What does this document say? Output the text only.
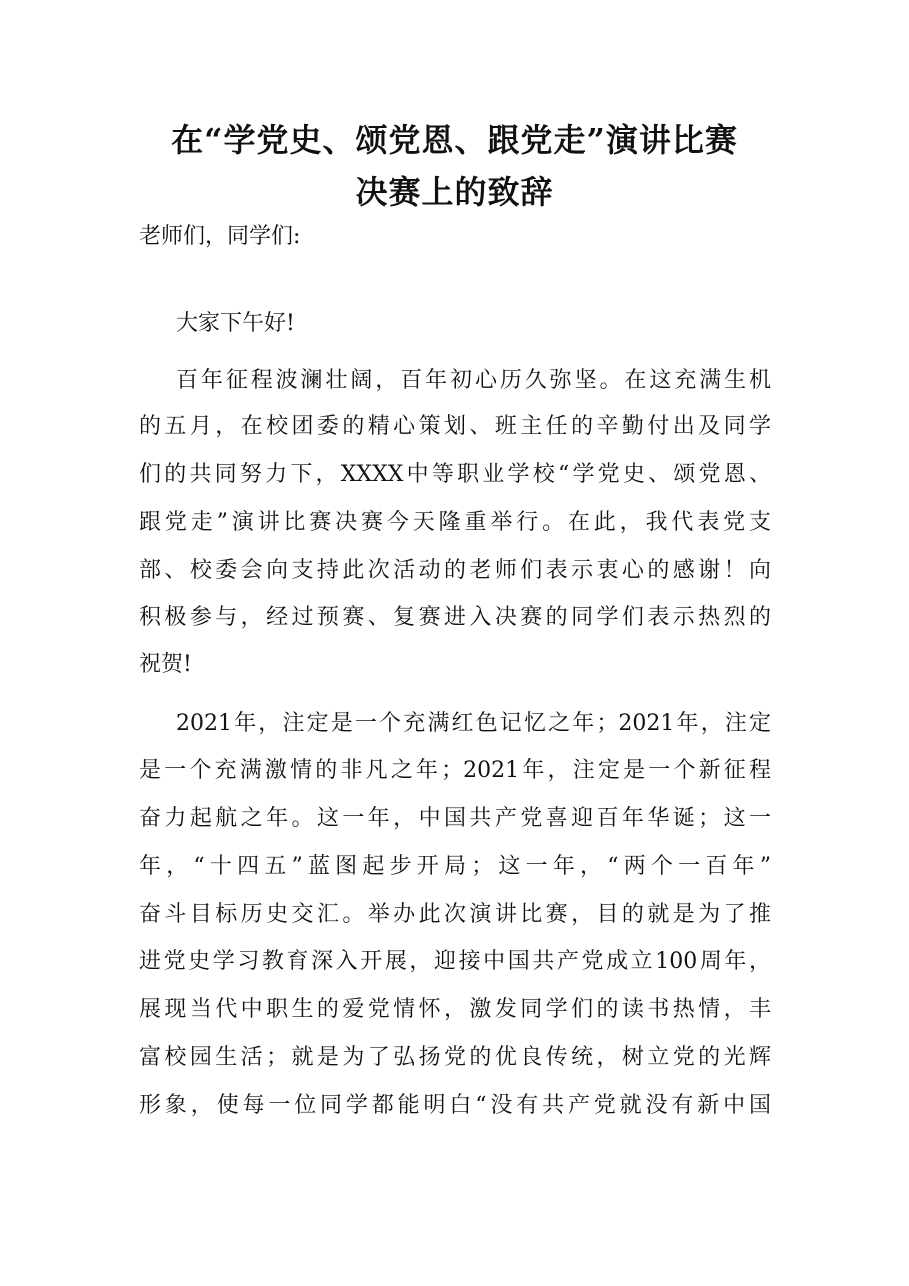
在“学党史、颂党恩、跟党走”演讲比赛
决赛上的致辞
老师们，同学们:
大家下午好!
百年征程波澜壮阔，百年初心历久弥坚。在这充满生机
的五月，在校团委的精心策划、班主任的辛勤付出及同学
们的共同努力下，XXXX中等职业学校“学党史、颂党恩、
跟党走”演讲比赛决赛今天隆重举行。在此，我代表党支
部、校委会向支持此次活动的老师们表示衷心的感谢！向
积极参与，经过预赛、复赛进入决赛的同学们表示热烈的
祝贺!
2021年，注定是一个充满红色记忆之年；2021年，注定
是一个充满激情的非凡之年；2021年，注定是一个新征程
奋力起航之年。这一年，中国共产党喜迎百年华诞；这一
年，“十四五”蓝图起步开局；这一年，“两个一百年”
奋斗目标历史交汇。举办此次演讲比赛，目的就是为了推
进党史学习教育深入开展，迎接中国共产党成立100周年，
展现当代中职生的爱党情怀，激发同学们的读书热情，丰
富校园生活；就是为了弘扬党的优良传统，树立党的光辉
形象，使每一位同学都能明白“没有共产党就没有新中国
